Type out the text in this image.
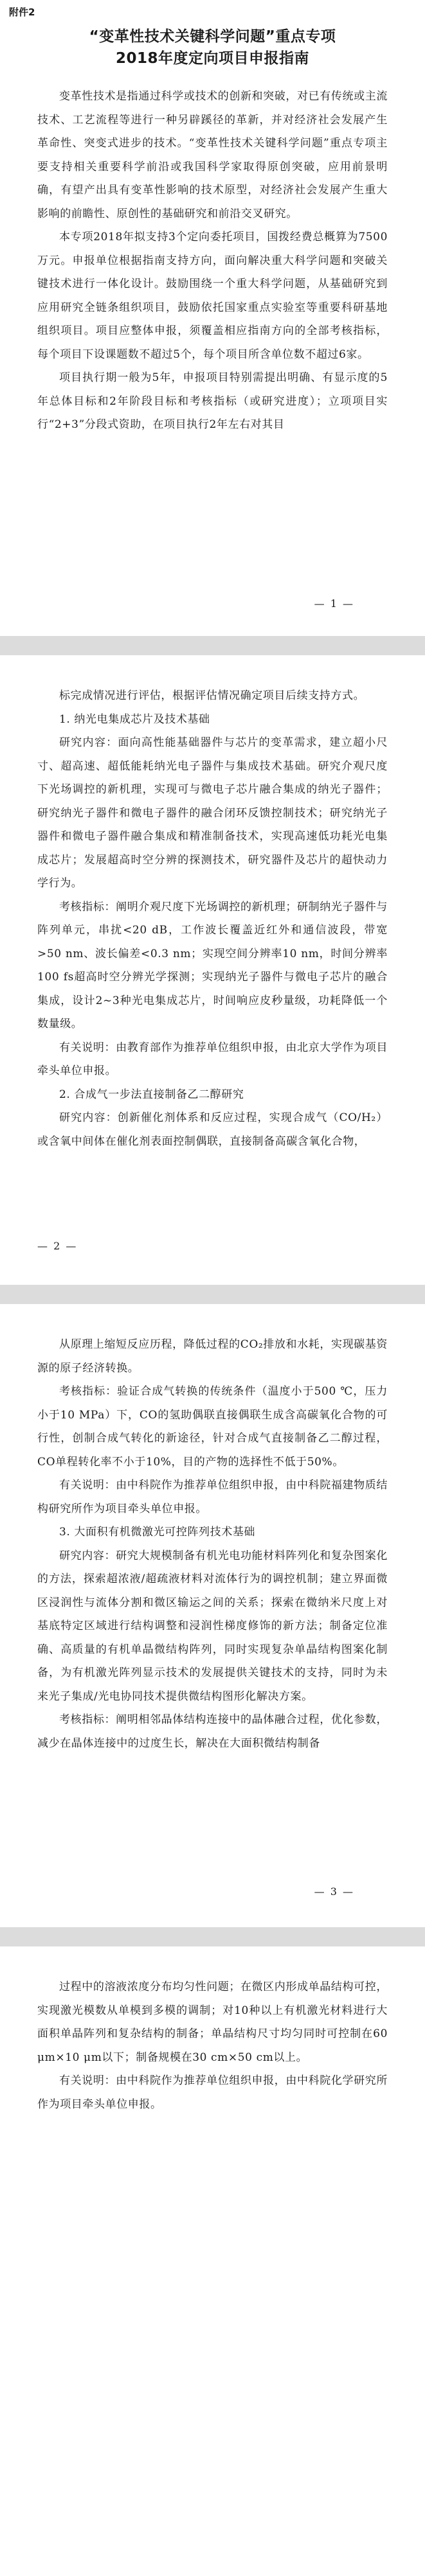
附件2
“变革性技术关键科学问题”重点专项
2018年度定向项目申报指南

变革性技术是指通过科学或技术的创新和突破，对已有传统或主流技术、工艺流程等进行一种另辟蹊径的革新，并对经济社会发展产生革命性、突变式进步的技术。“变革性技术关键科学问题”重点专项主要支持相关重要科学前沿或我国科学家取得原创突破，应用前景明确，有望产出具有变革性影响的技术原型，对经济社会发展产生重大影响的前瞻性、原创性的基础研究和前沿交叉研究。

本专项2018年拟支持3个定向委托项目，国拨经费总概算为7500万元。申报单位根据指南支持方向，面向解决重大科学问题和突破关键技术进行一体化设计。鼓励围绕一个重大科学问题，从基础研究到应用研究全链条组织项目，鼓励依托国家重点实验室等重要科研基地组织项目。项目应整体申报，须覆盖相应指南方向的全部考核指标，每个项目下设课题数不超过5个，每个项目所含单位数不超过6家。

项目执行期一般为5年，申报项目特别需提出明确、有显示度的5年总体目标和2年阶段目标和考核指标（或研究进度）；立项项目实行“2+3”分段式资助，在项目执行2年左右对其目

— 1 —

标完成情况进行评估，根据评估情况确定项目后续支持方式。

1. 纳光电集成芯片及技术基础

研究内容：面向高性能基础器件与芯片的变革需求，建立超小尺寸、超高速、超低能耗纳光电子器件与集成技术基础。研究介观尺度下光场调控的新机理，实现可与微电子芯片融合集成的纳光子器件；研究纳光子器件和微电子器件的融合闭环反馈控制技术；研究纳光子器件和微电子器件融合集成和精准制备技术，实现高速低功耗光电集成芯片；发展超高时空分辨的探测技术，研究器件及芯片的超快动力学行为。

考核指标：阐明介观尺度下光场调控的新机理；研制纳光子器件与阵列单元，串扰<20 dB，工作波长覆盖近红外和通信波段，带宽>50 nm、波长偏差<0.3 nm；实现空间分辨率10 nm，时间分辨率100 fs超高时空分辨光学探测；实现纳光子器件与微电子芯片的融合集成，设计2~3种光电集成芯片，时间响应皮秒量级，功耗降低一个数量级。

有关说明：由教育部作为推荐单位组织申报，由北京大学作为项目牵头单位申报。

2. 合成气一步法直接制备乙二醇研究

研究内容：创新催化剂体系和反应过程，实现合成气（CO/H₂）或含氧中间体在催化剂表面控制偶联，直接制备高碳含氧化合物，

— 2 —

从原理上缩短反应历程，降低过程的CO₂排放和水耗，实现碳基资源的原子经济转换。

考核指标：验证合成气转换的传统条件（温度小于500 ℃，压力小于10 MPa）下，CO的氢助偶联直接偶联生成含高碳氧化合物的可行性，创制合成气转化的新途径，针对合成气直接制备乙二醇过程，CO单程转化率不小于10%，目的产物的选择性不低于50%。

有关说明：由中科院作为推荐单位组织申报，由中科院福建物质结构研究所作为项目牵头单位申报。

3. 大面积有机微激光可控阵列技术基础

研究内容：研究大规模制备有机光电功能材料阵列化和复杂图案化的方法，探索超浓液/超疏液材料对流体行为的调控机制；建立界面微区浸润性与流体分割和微区输运之间的关系；探索在微纳米尺度上对基底特定区域进行结构调整和浸润性梯度修饰的新方法；制备定位准确、高质量的有机单晶微结构阵列，同时实现复杂单晶结构图案化制备，为有机激光阵列显示技术的发展提供关键技术的支持，同时为未来光子集成/光电协同技术提供微结构图形化解决方案。

考核指标：阐明相邻晶体结构连接中的晶体融合过程，优化参数，减少在晶体连接中的过度生长，解决在大面积微结构制备

— 3 —

过程中的溶液浓度分布均匀性问题；在微区内形成单晶结构可控，实现激光模数从单模到多模的调制；对10种以上有机激光材料进行大面积单晶阵列和复杂结构的制备；单晶结构尺寸均匀同时可控制在60 μm×10 μm以下；制备规模在30 cm×50 cm以上。

有关说明：由中科院作为推荐单位组织申报，由中科院化学研究所作为项目牵头单位申报。
